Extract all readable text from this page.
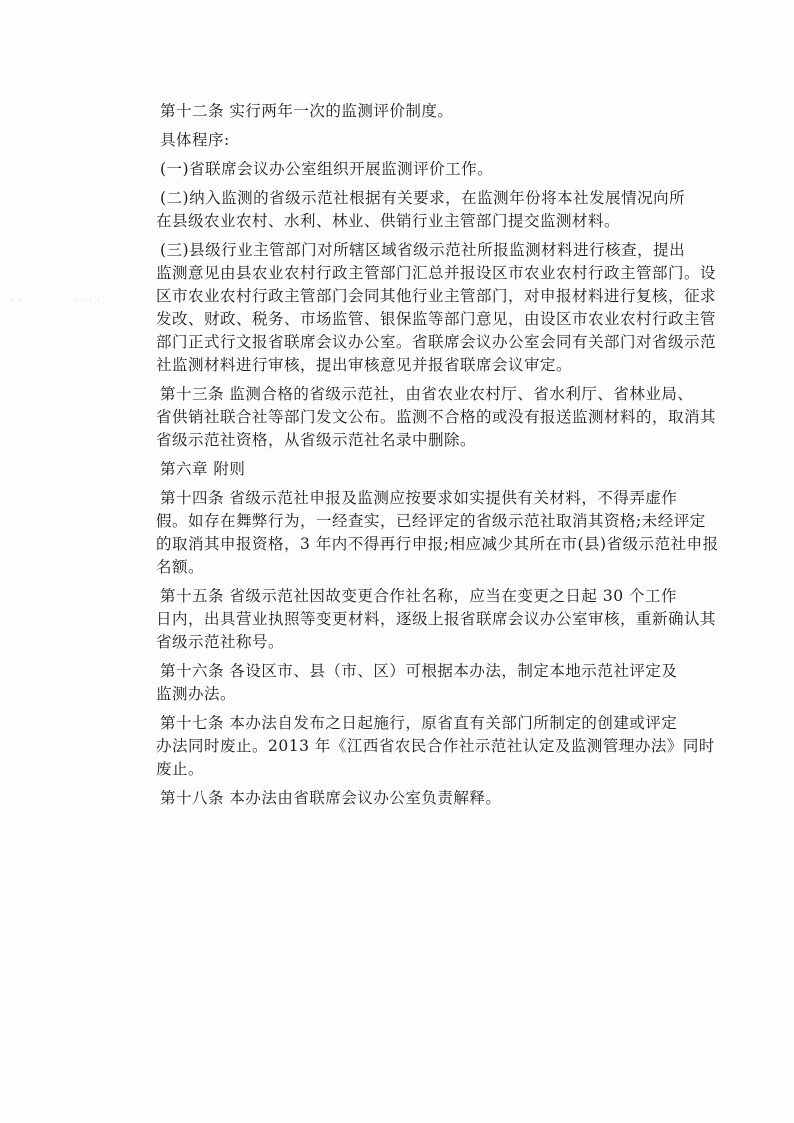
· ·	· · · ·
第十二条 实行两年一次的监测评价制度。
具体程序:
(一)省联席会议办公室组织开展监测评价工作。
(二)纳入监测的省级示范社根据有关要求，在监测年份将本社发展情况向所
在县级农业农村、水利、林业、供销行业主管部门提交监测材料。
(三)县级行业主管部门对所辖区域省级示范社所报监测材料进行核查，提出
监测意见由县农业农村行政主管部门汇总并报设区市农业农村行政主管部门。设
区市农业农村行政主管部门会同其他行业主管部门，对申报材料进行复核，征求
发改、财政、税务、市场监管、银保监等部门意见，由设区市农业农村行政主管
部门正式行文报省联席会议办公室。省联席会议办公室会同有关部门对省级示范
社监测材料进行审核，提出审核意见并报省联席会议审定。
第十三条 监测合格的省级示范社，由省农业农村厅、省水利厅、省林业局、
省供销社联合社等部门发文公布。监测不合格的或没有报送监测材料的，取消其
省级示范社资格，从省级示范社名录中删除。
第六章 附则
第十四条 省级示范社申报及监测应按要求如实提供有关材料，不得弄虚作
假。如存在舞弊行为，一经查实，已经评定的省级示范社取消其资格;未经评定
的取消其申报资格，3 年内不得再行申报;相应减少其所在市(县)省级示范社申报
名额。
第十五条 省级示范社因故变更合作社名称，应当在变更之日起 30 个工作
日内，出具营业执照等变更材料，逐级上报省联席会议办公室审核，重新确认其
省级示范社称号。
第十六条 各设区市、县（市、区）可根据本办法，制定本地示范社评定及
监测办法。
第十七条 本办法自发布之日起施行，原省直有关部门所制定的创建或评定
办法同时废止。2013 年《江西省农民合作社示范社认定及监测管理办法》同时
废止。
第十八条 本办法由省联席会议办公室负责解释。
